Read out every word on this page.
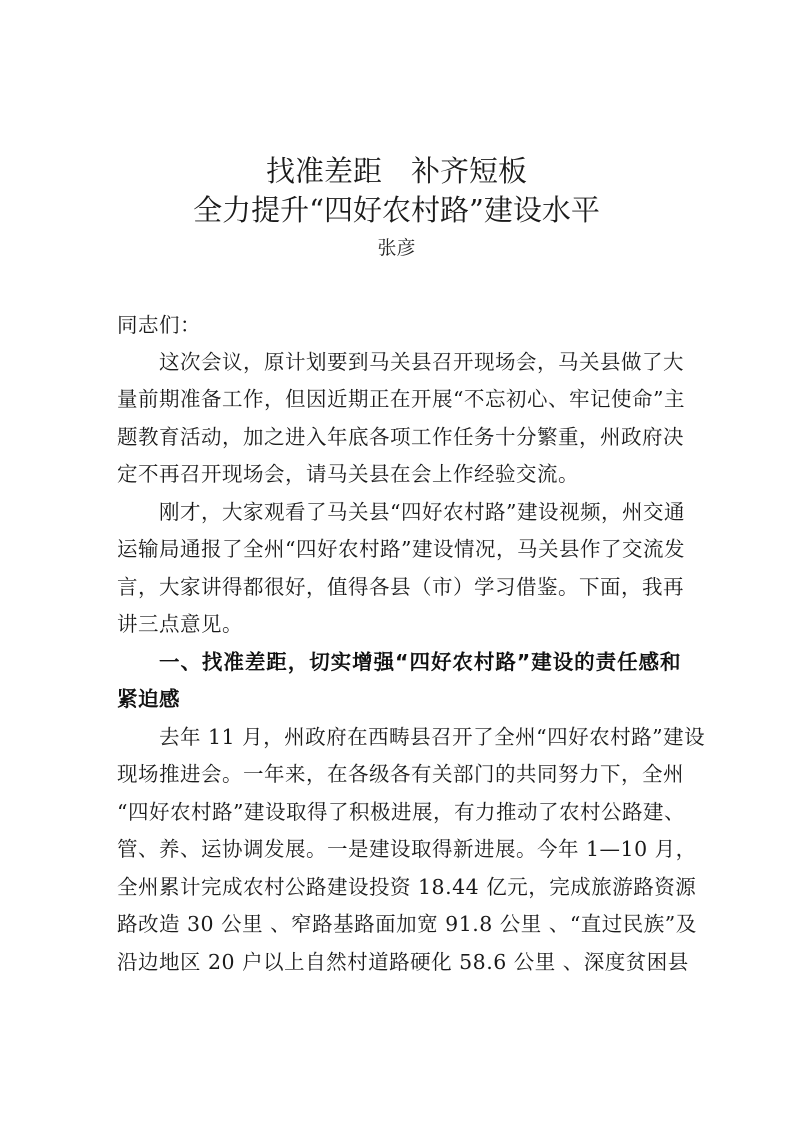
找准差距　补齐短板
全力提升“四好农村路”建设水平
张彦
同志们：
这次会议，原计划要到马关县召开现场会，马关县做了大
量前期准备工作，但因近期正在开展“不忘初心、牢记使命”主
题教育活动，加之进入年底各项工作任务十分繁重，州政府决
定不再召开现场会，请马关县在会上作经验交流。
刚才，大家观看了马关县“四好农村路”建设视频，州交通
运输局通报了全州“四好农村路”建设情况，马关县作了交流发
言，大家讲得都很好，值得各县（市）学习借鉴。下面，我再
讲三点意见。
一、找准差距，切实增强“四好农村路”建设的责任感和
紧迫感
去年 11 月，州政府在西畴县召开了全州“四好农村路”建设
现场推进会。一年来，在各级各有关部门的共同努力下，全州
“四好农村路”建设取得了积极进展，有力推动了农村公路建、
管、养、运协调发展。一是建设取得新进展。今年 1—10 月，
全州累计完成农村公路建设投资 18.44 亿元，完成旅游路资源
路改造 30 公里 、窄路基路面加宽 91.8 公里 、“直过民族”及
沿边地区 20 户以上自然村道路硬化 58.6 公里 、深度贫困县
